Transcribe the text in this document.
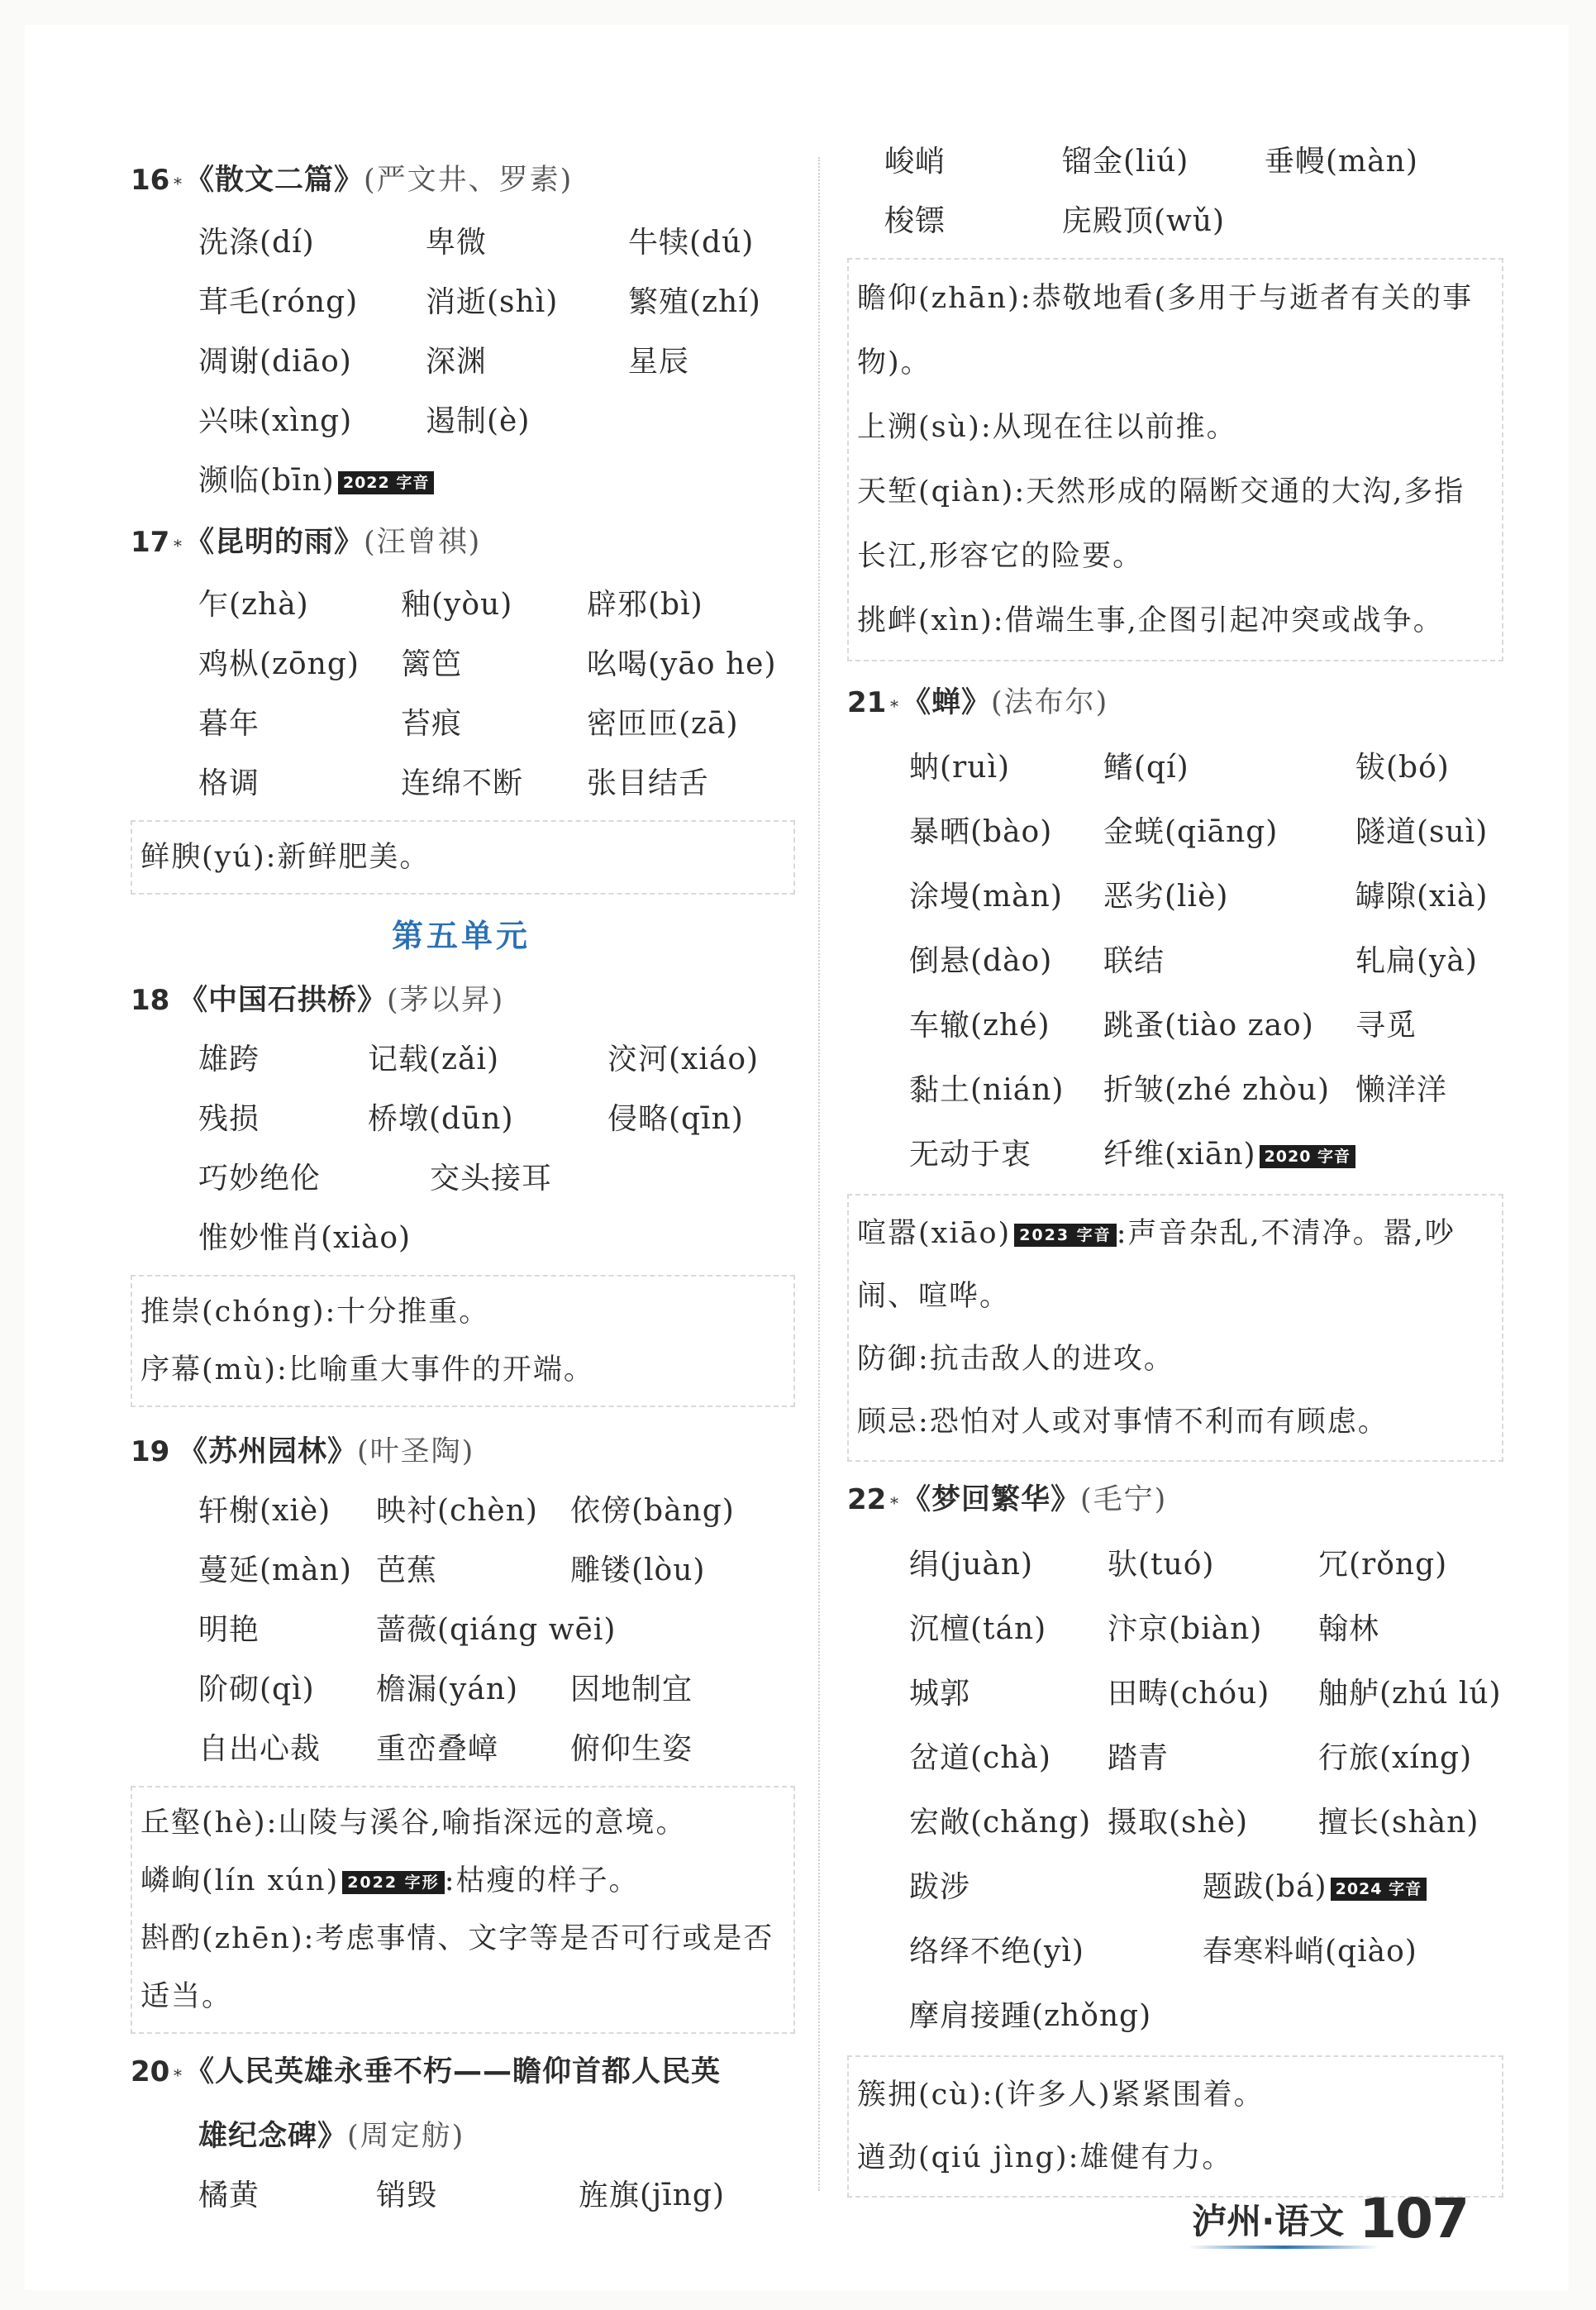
16 * 《散文二篇》 (严文井、罗素)
洗涤(dí)	卑微	牛犊(dú)
茸毛(róng)	消逝(shì)	繁殖(zhí)
凋谢(diāo)	深渊	星辰
兴味(xìng)	遏制(è)
濒临(bīn) 2022 字音
17 * 《昆明的雨》 (汪曾祺)
乍(zhà)	釉(yòu)	辟邪(bì)
鸡枞(zōng)	篱笆	吆喝(yāo he)
暮年	苔痕	密匝匝(zā)
格调	连绵不断	张目结舌
鲜腴(yú):新鲜肥美。
第五单元
18 《中国石拱桥》 (茅以昇)
雄跨	记载(zǎi)	洨河(xiáo)
残损	桥墩(dūn)	侵略(qīn)
巧妙绝伦	交头接耳
惟妙惟肖(xiào)
推崇(chóng):十分推重。
序幕(mù):比喻重大事件的开端。
19 《苏州园林》 (叶圣陶)
轩榭(xiè)	映衬(chèn)	依傍(bàng)
蔓延(màn) 芭蕉	雕镂(lòu)
明艳	蔷薇(qiáng wēi)
阶砌(qì)	檐漏(yán)	因地制宜
自出心裁	重峦叠嶂	俯仰生姿
丘壑(hè):山陵与溪谷,喻指深远的意境。
嶙峋(lín xún) 2022 字形 :枯瘦的样子。
斟酌(zhēn):考虑事情、文字等是否可行或是否适当。
20 * 《人民英雄永垂不朽——瞻仰首都人民英
雄纪念碑》 (周定舫)
橘黄	销毁	旌旗(jīng)
峻峭	镏金(liú)	垂幔(màn)
梭镖	庑殿顶(wǔ)
瞻仰(zhān):恭敬地看(多用于与逝者有关的事物)。
上溯(sù):从现在往以前推。
天堑(qiàn):天然形成的隔断交通的大沟,多指长江,形容它的险要。
挑衅(xìn):借端生事,企图引起冲突或战争。
21 * 《蝉》 (法布尔)
蚋(ruì)	鳍(qí)	钹(bó)
暴晒(bào)	金蜣(qiāng)	隧道(suì)
涂墁(màn)	恶劣(liè)	罅隙(xià)
倒悬(dào)	联结	轧扁(yà)
车辙(zhé)	跳蚤(tiào zao)	寻觅
黏土(nián)	折皱(zhé zhòu) 懒洋洋
无动于衷	纤维(xiān) 2020 字音
喧嚣(xiāo) 2023 字音 :声音杂乱,不清净。嚣,吵闹、喧哗。
防御:抗击敌人的进攻。
顾忌:恐怕对人或对事情不利而有顾虑。
22 * 《梦回繁华》 (毛宁)
绢(juàn)	驮(tuó)	冗(rǒng)
沉檀(tán)	汴京(biàn)	翰林
城郭	田畴(chóu)	舳舻(zhú lú)
岔道(chà)	踏青	行旅(xíng)
宏敞(chǎng) 摄取(shè)	擅长(shàn)
跋涉	题跋(bá) 2024 字音
络绎不绝(yì)	春寒料峭(qiào)
摩肩接踵(zhǒng)
簇拥(cù):(许多人)紧紧围着。
遒劲(qiú jìng):雄健有力。
泸州·语文 107
